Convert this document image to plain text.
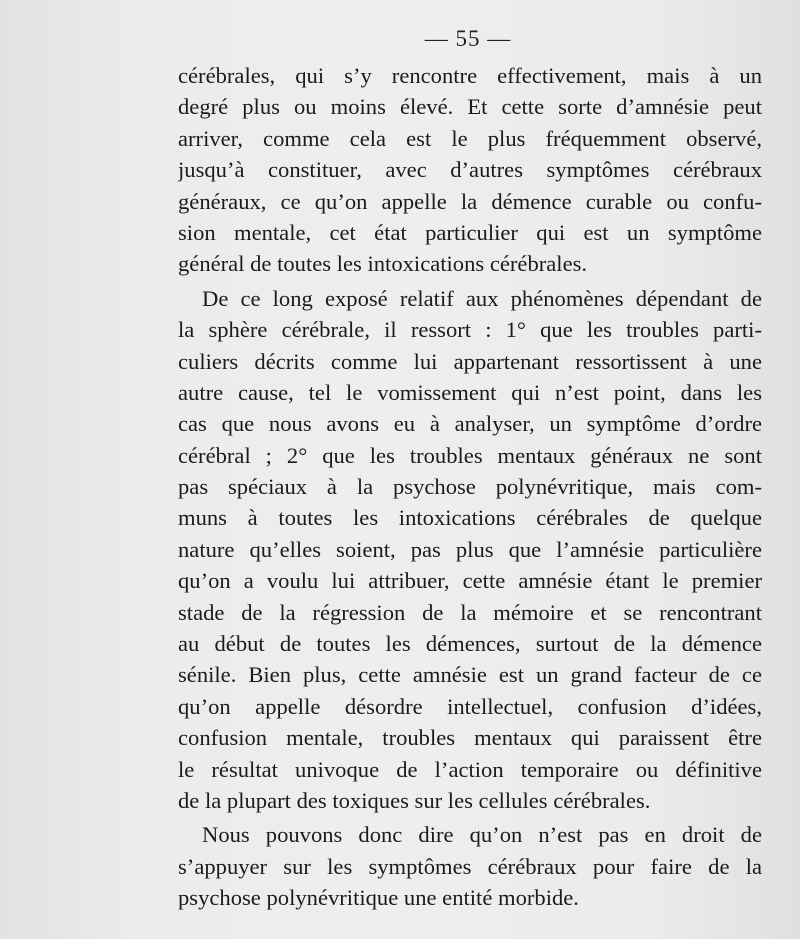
— 55 —
cérébrales, qui s’y rencontre effectivement, mais à un
degré plus ou moins élevé. Et cette sorte d’amnésie peut
arriver, comme cela est le plus fréquemment observé,
jusqu’à constituer, avec d’autres symptômes cérébraux
généraux, ce qu’on appelle la démence curable ou confu-
sion mentale, cet état particulier qui est un symptôme
général de toutes les intoxications cérébrales.
De ce long exposé relatif aux phénomènes dépendant de
la sphère cérébrale, il ressort : 1° que les troubles parti-
culiers décrits comme lui appartenant ressortissent à une
autre cause, tel le vomissement qui n’est point, dans les
cas que nous avons eu à analyser, un symptôme d’ordre
cérébral ; 2° que les troubles mentaux généraux ne sont
pas spéciaux à la psychose polynévritique, mais com-
muns à toutes les intoxications cérébrales de quelque
nature qu’elles soient, pas plus que l’amnésie particulière
qu’on a voulu lui attribuer, cette amnésie étant le premier
stade de la régression de la mémoire et se rencontrant
au début de toutes les démences, surtout de la démence
sénile. Bien plus, cette amnésie est un grand facteur de ce
qu’on appelle désordre intellectuel, confusion d’idées,
confusion mentale, troubles mentaux qui paraissent être
le résultat univoque de l’action temporaire ou définitive
de la plupart des toxiques sur les cellules cérébrales.
Nous pouvons donc dire qu’on n’est pas en droit de
s’appuyer sur les symptômes cérébraux pour faire de la
psychose polynévritique une entité morbide.
